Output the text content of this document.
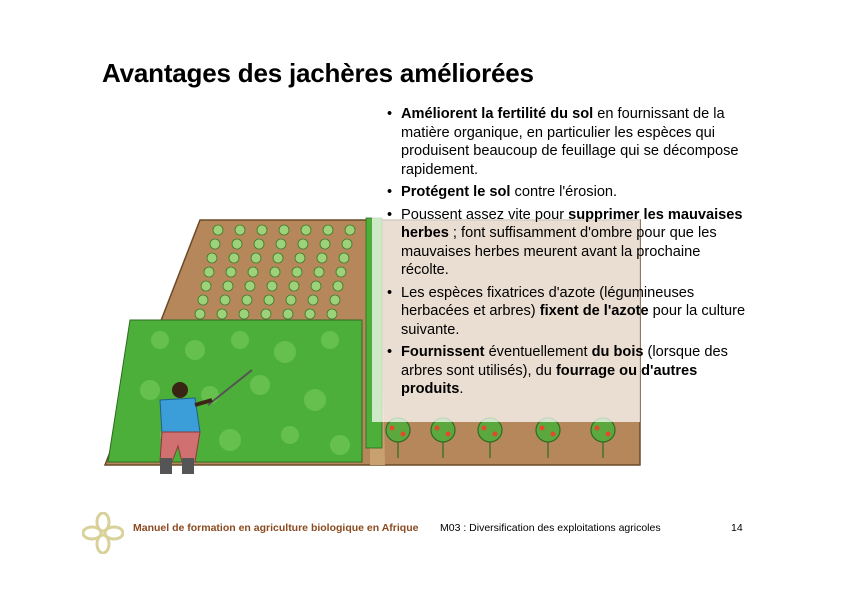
Avantages des jachères améliorées
• Améliorent la fertilité du sol en fournissant de la matière organique, en particulier les espèces qui produisent beaucoup de feuillage qui se décompose rapidement.
• Protégent le sol contre l'érosion.
• Poussent assez vite pour supprimer les mauvaises herbes ; font suffisamment d'ombre pour que les mauvaises herbes meurent avant la prochaine récolte.
• Les espèces fixatrices d'azote (légumineuses herbacées et arbres) fixent de l'azote pour la culture suivante.
• Fournissent éventuellement du bois (lorsque des arbres sont utilisés), du fourrage ou d'autres produits.
Manuel de formation en agriculture biologique en Afrique M03 : Diversification des exploitations agricoles	14
